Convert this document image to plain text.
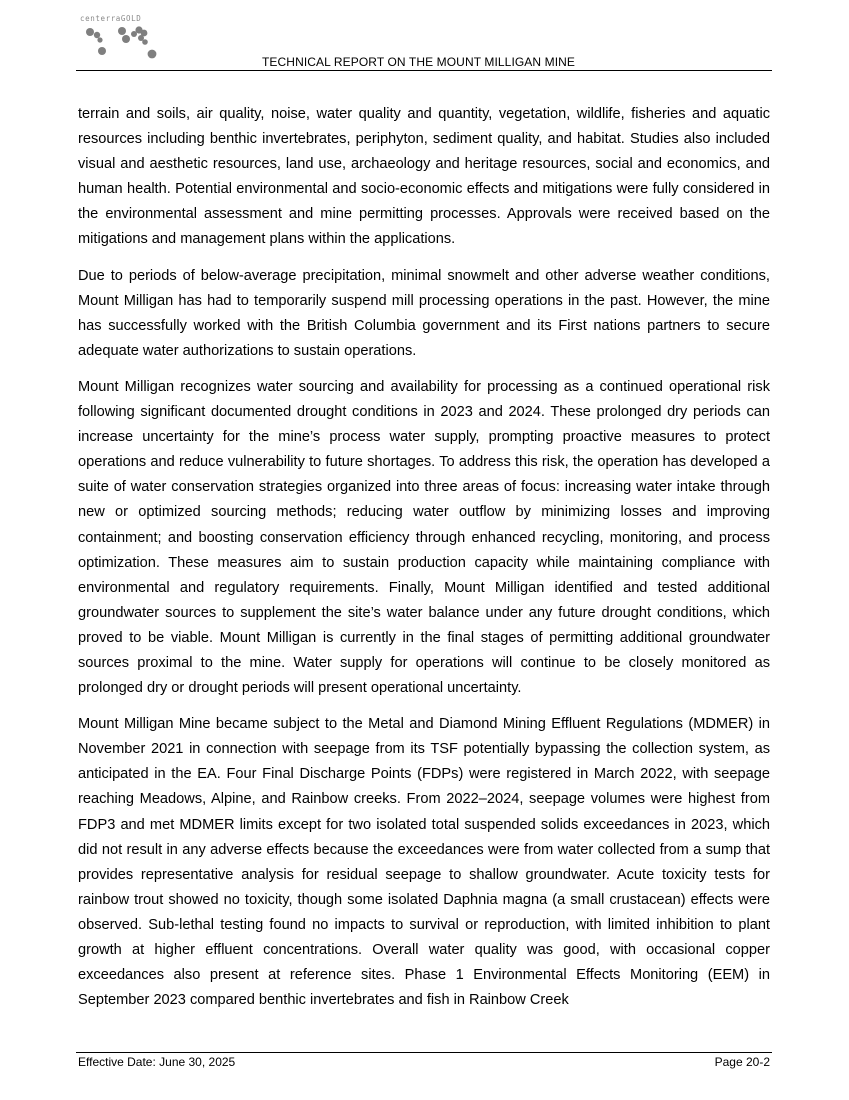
centerraGOLD
TECHNICAL REPORT ON THE MOUNT MILLIGAN MINE

terrain and soils, air quality, noise, water quality and quantity, vegetation, wildlife, fisheries and aquatic resources including benthic invertebrates, periphyton, sediment quality, and habitat. Studies also included visual and aesthetic resources, land use, archaeology and heritage resources, social and economics, and human health. Potential environmental and socio-economic effects and mitigations were fully considered in the environmental assessment and mine permitting processes. Approvals were received based on the mitigations and management plans within the applications.

Due to periods of below-average precipitation, minimal snowmelt and other adverse weather conditions, Mount Milligan has had to temporarily suspend mill processing operations in the past. However, the mine has successfully worked with the British Columbia government and its First nations partners to secure adequate water authorizations to sustain operations.

Mount Milligan recognizes water sourcing and availability for processing as a continued operational risk following significant documented drought conditions in 2023 and 2024. These prolonged dry periods can increase uncertainty for the mine’s process water supply, prompting proactive measures to protect operations and reduce vulnerability to future shortages. To address this risk, the operation has developed a suite of water conservation strategies organized into three areas of focus: increasing water intake through new or optimized sourcing methods; reducing water outflow by minimizing losses and improving containment; and boosting conservation efficiency through enhanced recycling, monitoring, and process optimization. These measures aim to sustain production capacity while maintaining compliance with environmental and regulatory requirements. Finally, Mount Milligan identified and tested additional groundwater sources to supplement the site’s water balance under any future drought conditions, which proved to be viable. Mount Milligan is currently in the final stages of permitting additional groundwater sources proximal to the mine. Water supply for operations will continue to be closely monitored as prolonged dry or drought periods will present operational uncertainty.

Mount Milligan Mine became subject to the Metal and Diamond Mining Effluent Regulations (MDMER) in November 2021 in connection with seepage from its TSF potentially bypassing the collection system, as anticipated in the EA. Four Final Discharge Points (FDPs) were registered in March 2022, with seepage reaching Meadows, Alpine, and Rainbow creeks. From 2022–2024, seepage volumes were highest from FDP3 and met MDMER limits except for two isolated total suspended solids exceedances in 2023, which did not result in any adverse effects because the exceedances were from water collected from a sump that provides representative analysis for residual seepage to shallow groundwater. Acute toxicity tests for rainbow trout showed no toxicity, though some isolated Daphnia magna (a small crustacean) effects were observed. Sub-lethal testing found no impacts to survival or reproduction, with limited inhibition to plant growth at higher effluent concentrations. Overall water quality was good, with occasional copper exceedances also present at reference sites. Phase 1 Environmental Effects Monitoring (EEM) in September 2023 compared benthic invertebrates and fish in Rainbow Creek

Effective Date: June 30, 2025	Page 20-2
